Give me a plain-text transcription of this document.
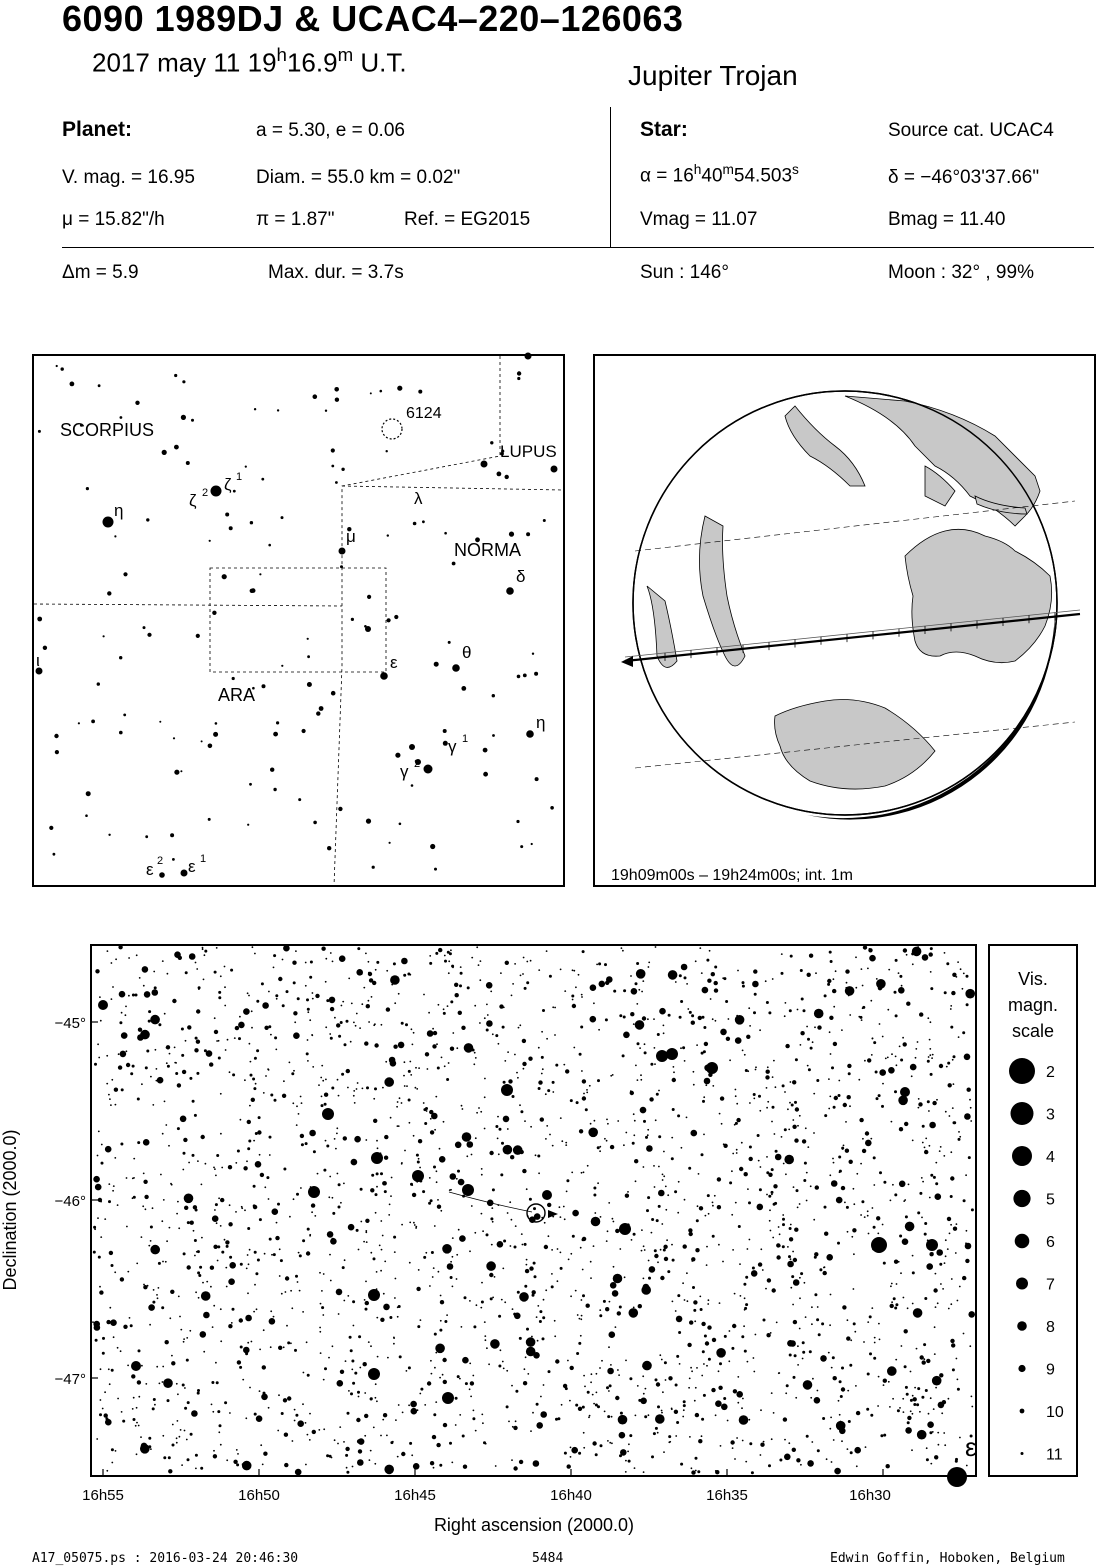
6090 1989DJ & UCAC4–220–126063
2017 may 11 19$^h$16.9$^m$ U.T.	Jupiter Trojan
Planet:	a = 5.30, e = 0.06
V. mag. = 16.95	Diam. = 55.0 km = 0.02"
μ = 15.82"/h	π = 1.87"	Ref. = EG2015
Δm = 5.9	Max. dur. = 3.7s
Star:	Source cat. UCAC4
$\alpha = 16^h40^m54.503^s$	δ = −46°03'37.66"
Vmag = 11.07	Bmag = 11.40
Sun : 146°	Moon : 32° , 99%
SCORPIUS
LUPUS
NORMA
ARA
6124
η
ζ 2 ζ 1
λ
μ
δ
ε
θ
ι
η
γ 1
γ 2
ε 2 ε 1
19h09m00s – 19h24m00s; int. 1m
ε
−45°
−46°
−47°
16h55	16h50	16h45	16h40	16h35	16h30
Right ascension (2000.0)
Declination (2000.0)
Vis.
magn.
scale
2
3
4
5
6
7
8
9
10
11
A17_05075.ps : 2016-03-24 20:46:30	5484	Edwin Goffin, Hoboken, Belgium
